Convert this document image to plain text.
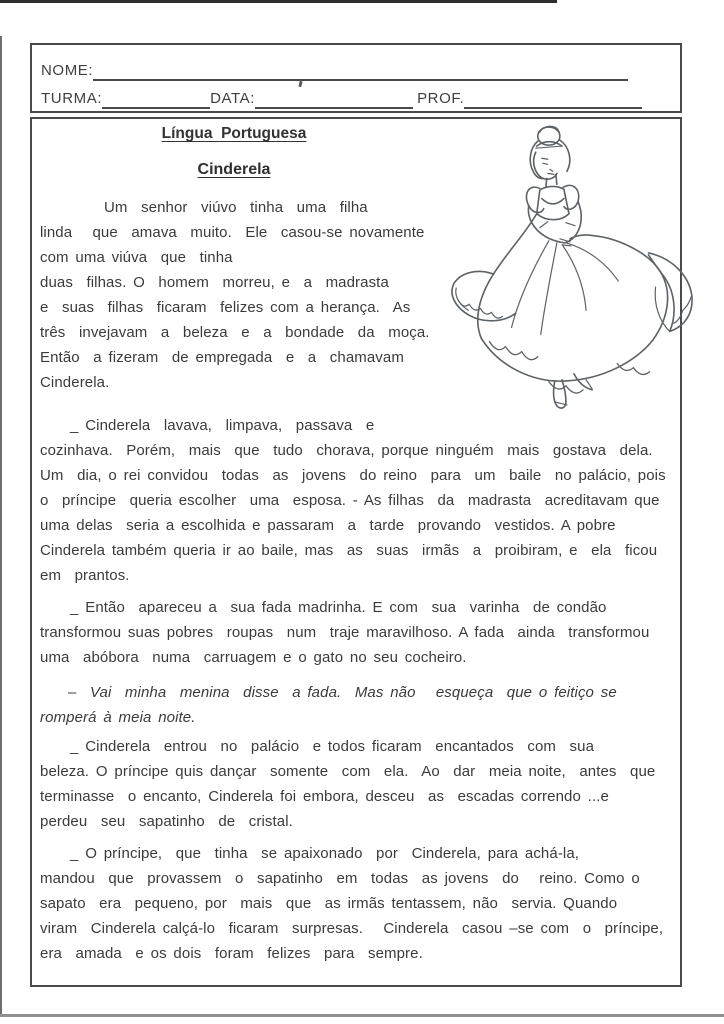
NOME:
TURMA:	DATA:	PROF.
Língua  Portuguesa
Cinderela
Um  senhor  viúvo  tinha  uma  filha
linda   que  amava  muito.  Ele  casou-se novamente
com uma viúva  que  tinha
duas  filhas. O  homem  morreu, e  a  madrasta
e  suas  filhas  ficaram  felizes com a herança.  As
três  invejavam  a  beleza  e  a  bondade  da  moça.
Então  a fizeram  de empregada  e  a  chamavam
Cinderela.
_ Cinderela  lavava,  limpava,  passava  e
cozinhava.  Porém,  mais  que  tudo  chorava, porque ninguém  mais  gostava  dela.
Um  dia, o rei convidou  todas  as  jovens  do reino  para  um  baile  no palácio, pois
o  príncipe  queria escolher  uma  esposa. - As filhas  da  madrasta  acreditavam que
uma delas  seria a escolhida e passaram  a  tarde  provando  vestidos. A pobre
Cinderela também queria ir ao baile, mas  as  suas  irmãs  a  proibiram, e  ela  ficou
em  prantos.
_ Então  apareceu a  sua fada madrinha. E com  sua  varinha  de condão
transformou suas pobres  roupas  num  traje maravilhoso. A fada  ainda  transformou
uma  abóbora  numa  carruagem e o gato no seu cocheiro.
–  Vai  minha  menina  disse  a fada.  Mas não   esqueça  que o feitiço se
romperá à meia noite.
_ Cinderela  entrou  no  palácio  e todos ficaram  encantados  com  sua
beleza. O príncipe quis dançar  somente  com  ela.  Ao  dar  meia noite,  antes  que
terminasse  o encanto, Cinderela foi embora, desceu  as  escadas correndo ...e
perdeu  seu  sapatinho  de  cristal.
_ O príncipe,  que  tinha  se apaixonado  por  Cinderela, para achá-la,
mandou  que  provassem  o  sapatinho  em  todas  as jovens  do   reino. Como o
sapato  era  pequeno, por  mais  que  as irmãs tentassem, não  servia. Quando
viram  Cinderela calçá-lo  ficaram  surpresas.   Cinderela  casou –se com  o  príncipe,
era  amada  e os dois  foram  felizes  para  sempre.
